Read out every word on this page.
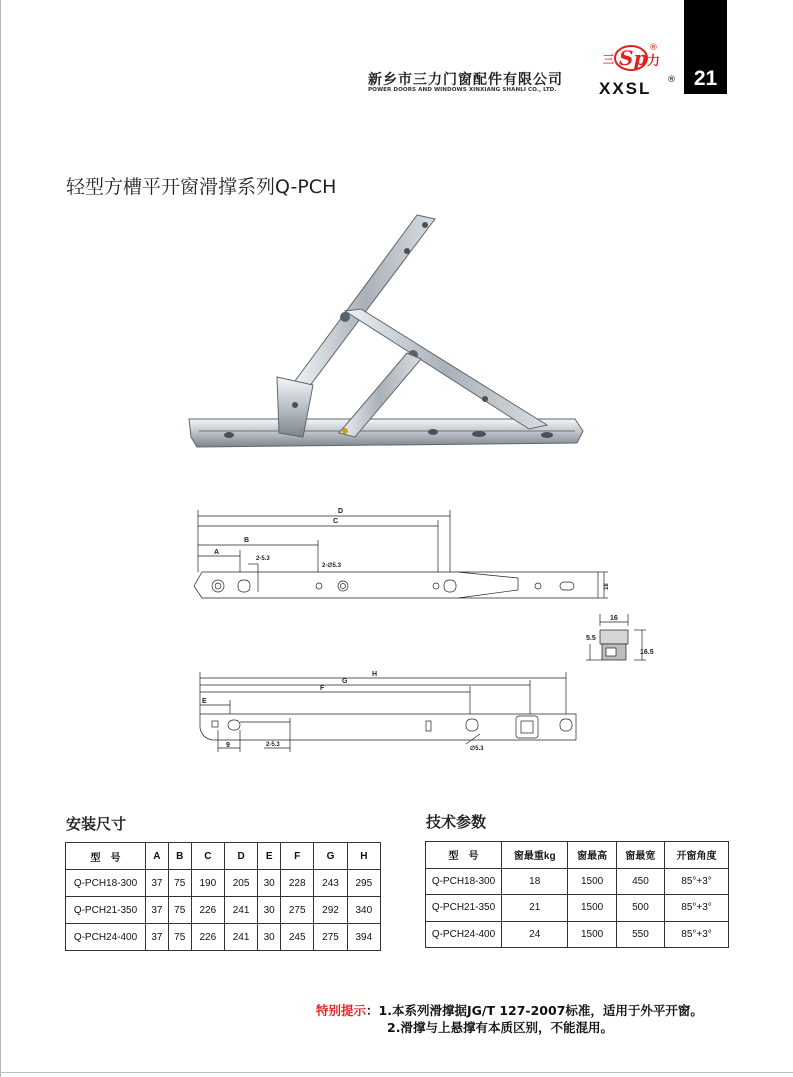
新乡市三力门窗配件有限公司
POWER DOORS AND WINDOWS XINXIANG SHANLI CO., LTD.
三 Sp 力
®
XXSL ® 21
轻型方槽平开窗滑撑系列Q-PCH
D
C
B
A
2-5.3
2-∅5.3
18
16
5.5
16.5
H
G
F
E
9	2-5.3
∅5.3
安装尺寸	技术参数
型　号	A	B	C	D	E	F	G	H
Q-PCH18-300	37	75	190	205	30	228	243	295
Q-PCH21-350	37	75	226	241	30	275	292	340
Q-PCH24-400	37	75	226	241	30	245	275	394
型　号	窗最重kg	窗最高	窗最宽	开窗角度
Q-PCH18-300	18	1500	450	85°+3°
Q-PCH21-350	21	1500	500	85°+3°
Q-PCH24-400	24	1500	550	85°+3°
特别提示：1.本系列滑撑据JG/T 127-2007标准，适用于外平开窗。
2.滑撑与上悬撑有本质区别，不能混用。
